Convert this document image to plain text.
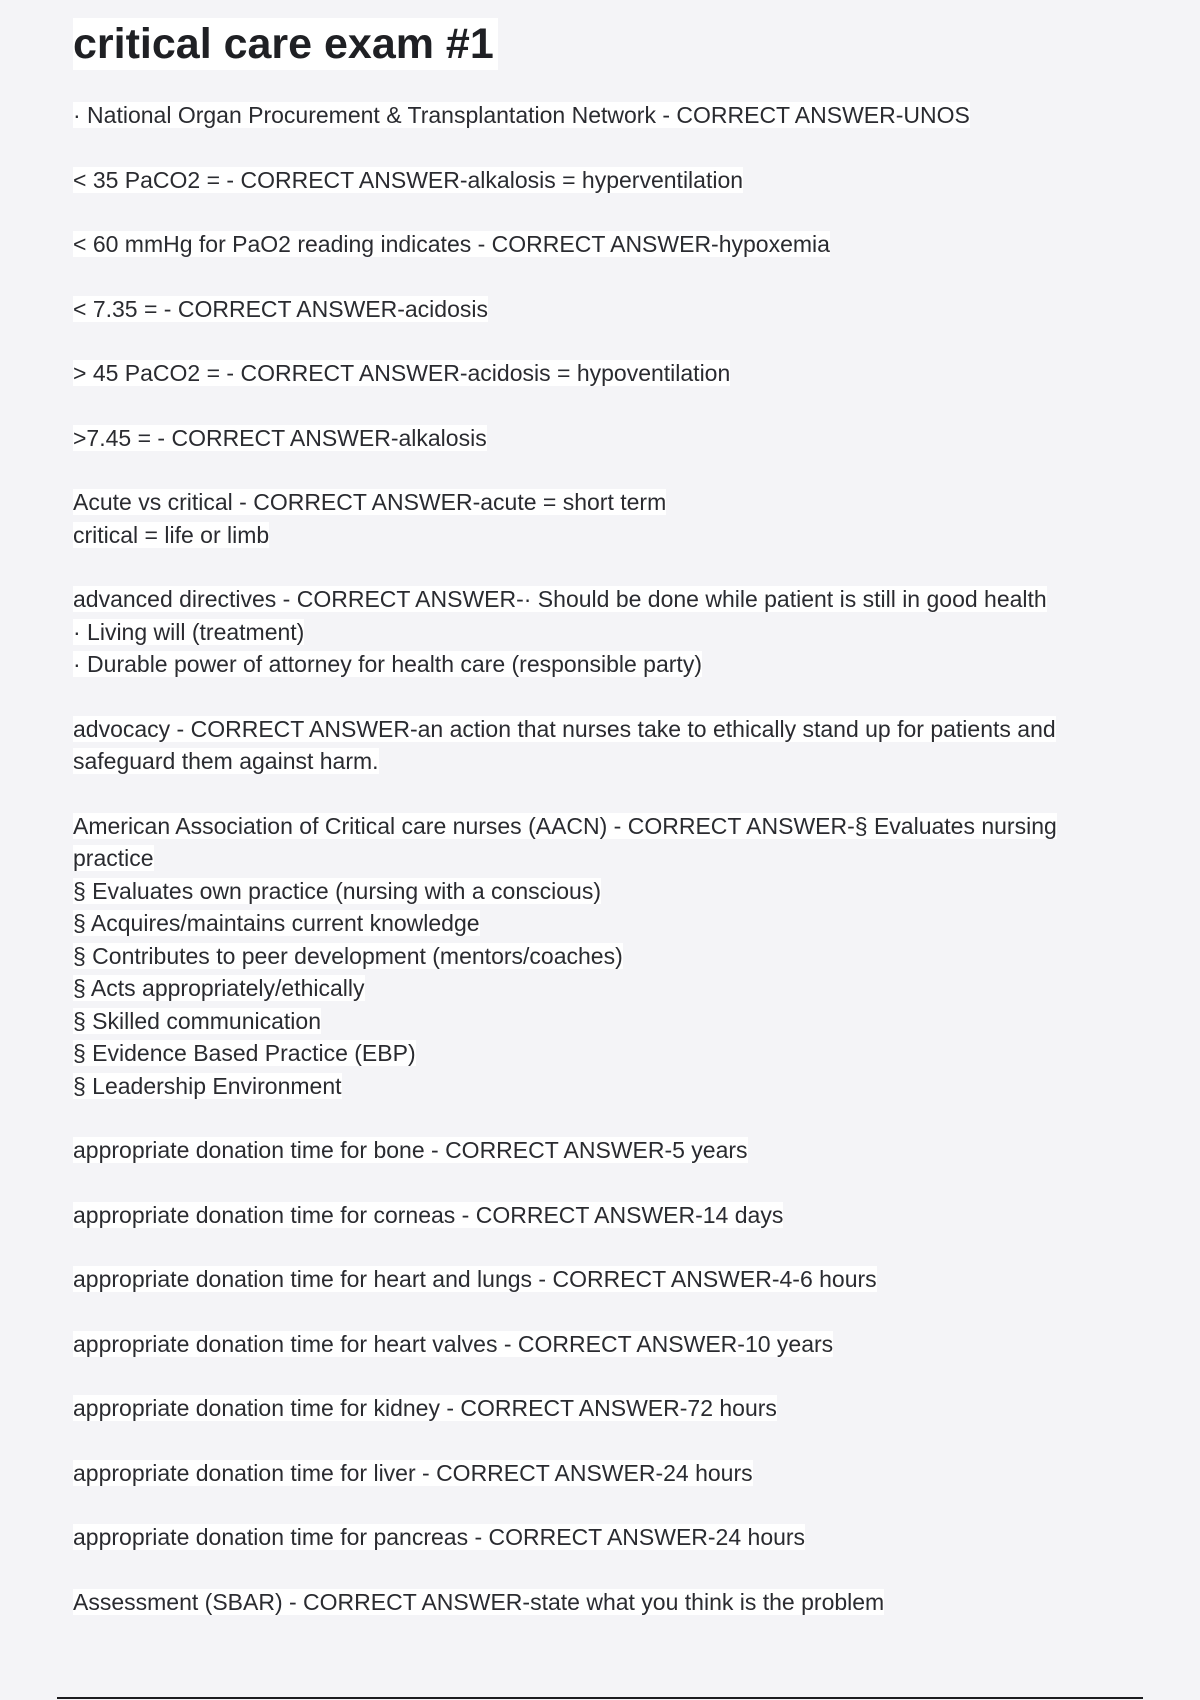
critical care exam #1
· National Organ Procurement & Transplantation Network - CORRECT ANSWER-UNOS
< 35 PaCO2 = - CORRECT ANSWER-alkalosis = hyperventilation
< 60 mmHg for PaO2 reading indicates - CORRECT ANSWER-hypoxemia
< 7.35 = - CORRECT ANSWER-acidosis
> 45 PaCO2 = - CORRECT ANSWER-acidosis = hypoventilation
>7.45 = - CORRECT ANSWER-alkalosis
Acute vs critical - CORRECT ANSWER-acute = short term
critical = life or limb
advanced directives - CORRECT ANSWER-· Should be done while patient is still in good health
· Living will (treatment)
· Durable power of attorney for health care (responsible party)
advocacy - CORRECT ANSWER-an action that nurses take to ethically stand up for patients and
safeguard them against harm.
American Association of Critical care nurses (AACN) - CORRECT ANSWER-§ Evaluates nursing
practice
§ Evaluates own practice (nursing with a conscious)
§ Acquires/maintains current knowledge
§ Contributes to peer development (mentors/coaches)
§ Acts appropriately/ethically
§ Skilled communication
§ Evidence Based Practice (EBP)
§ Leadership Environment
appropriate donation time for bone - CORRECT ANSWER-5 years
appropriate donation time for corneas - CORRECT ANSWER-14 days
appropriate donation time for heart and lungs - CORRECT ANSWER-4-6 hours
appropriate donation time for heart valves - CORRECT ANSWER-10 years
appropriate donation time for kidney - CORRECT ANSWER-72 hours
appropriate donation time for liver - CORRECT ANSWER-24 hours
appropriate donation time for pancreas - CORRECT ANSWER-24 hours
Assessment (SBAR) - CORRECT ANSWER-state what you think is the problem
